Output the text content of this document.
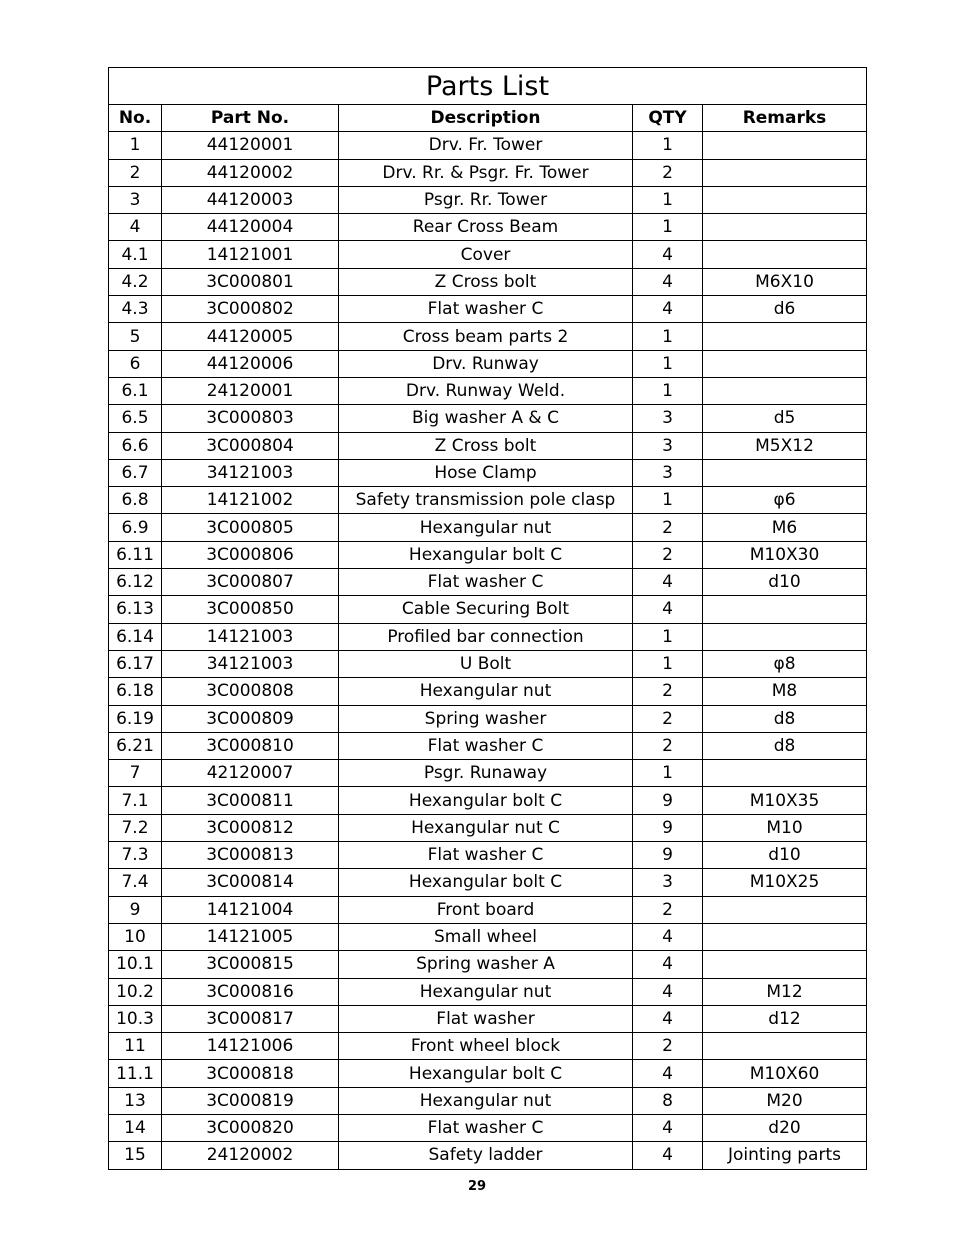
Parts List				
No.	Part No.	Description	QTY	Remarks
1	44120001	Drv. Fr. Tower	1	
2	44120002	Drv. Rr. & Psgr. Fr. Tower	2	
3	44120003	Psgr. Rr. Tower	1	
4	44120004	Rear Cross Beam	1	
4.1	14121001	Cover	4	
4.2	3C000801	Z Cross bolt	4	M6X10
4.3	3C000802	Flat washer C	4	d6
5	44120005	Cross beam parts 2	1	
6	44120006	Drv. Runway	1	
6.1	24120001	Drv. Runway Weld.	1	
6.5	3C000803	Big washer A & C	3	d5
6.6	3C000804	Z Cross bolt	3	M5X12
6.7	34121003	Hose Clamp	3	
6.8	14121002	Safety transmission pole clasp	1	φ6
6.9	3C000805	Hexangular nut	2	M6
6.11	3C000806	Hexangular bolt C	2	M10X30
6.12	3C000807	Flat washer C	4	d10
6.13	3C000850	Cable Securing Bolt	4	
6.14	14121003	Profiled bar connection	1	
6.17	34121003	U Bolt	1	φ8
6.18	3C000808	Hexangular nut	2	M8
6.19	3C000809	Spring washer	2	d8
6.21	3C000810	Flat washer C	2	d8
7	42120007	Psgr. Runaway	1	
7.1	3C000811	Hexangular bolt C	9	M10X35
7.2	3C000812	Hexangular nut C	9	M10
7.3	3C000813	Flat washer C	9	d10
7.4	3C000814	Hexangular bolt C	3	M10X25
9	14121004	Front board	2	
10	14121005	Small wheel	4	
10.1	3C000815	Spring washer A	4	
10.2	3C000816	Hexangular nut	4	M12
10.3	3C000817	Flat washer	4	d12
11	14121006	Front wheel block	2	
11.1	3C000818	Hexangular bolt C	4	M10X60
13	3C000819	Hexangular nut	8	M20
14	3C000820	Flat washer C	4	d20
15	24120002	Safety ladder	4	Jointing parts
29
